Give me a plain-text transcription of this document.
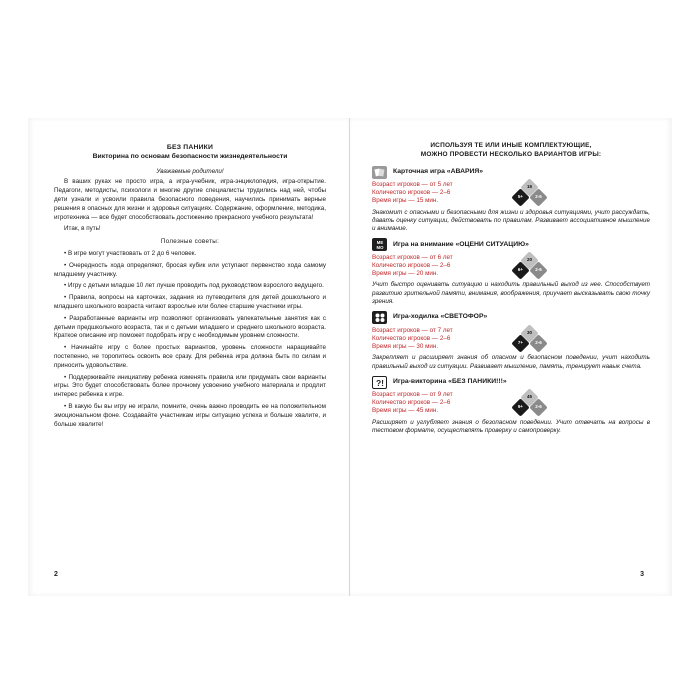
БЕЗ ПАНИКИ
Викторина по основам безопасности жизнедеятельности
Уважаемые родители!

В ваших руках не просто игра, а игра-учебник, игра-энциклопедия, игра-открытие. Педагоги, методисты, психологи и многие другие специалисты трудились над ней, чтобы дети узнали и усвоили правила безопасного поведения, научились принимать верные решения в опасных для жизни и здоровья ситуациях. Содержание, оформление, методика, игротехника — все будет способствовать достижению прекрасного учебного результата!

Итак, в путь!

Полезные советы:

• В игре могут участвовать от 2 до 6 человек.

• Очередность хода определяют, бросая кубик или уступают первенство хода самому младшему участнику.

• Игру с детьми младше 10 лет лучше проводить под руководством взрослого ведущего.

• Правила, вопросы на карточках, задания из путеводителя для детей дошкольного и младшего школьного возраста читают взрослые или более старшие участники игры.

• Разработанные варианты игр позволяют организовать увлекательные занятия как с детьми предшкольного возраста, так и с детьми младшего и среднего школьного возраста. Краткое описание игр поможет подобрать игру с необходимым уровнем сложности.

• Начинайте игру с более простых вариантов, уровень сложности наращивайте постепенно, не торопитесь освоить все сразу. Для ребенка игра должна быть по силам и приносить удовольствие.

• Поддерживайте инициативу ребенка изменять правила или придумать свои варианты игры. Это будет способствовать более прочному усвоению учебного материала и продлит интерес ребенка к игре.

• В какую бы вы игру не играли, помните, очень важно проводить ее на положительном эмоциональном фоне. Создавайте участникам игры ситуацию успеха и больше хвалите, и больше хвалите!

2
ИСПОЛЬЗУЯ ТЕ ИЛИ ИНЫЕ КОМПЛЕКТУЮЩИЕ,
МОЖНО ПРОВЕСТИ НЕСКОЛЬКО ВАРИАНТОВ ИГРЫ:
Карточная игра «АВАРИЯ»
Возраст игроков — от 5 лет
Количество игроков — 2–6
Время игры — 15 мин.
15
5+	2-6
Знакомит с опасными и безопасными для жизни и здоровья ситуациями, учит рассуждать, давать оценку ситуации, действовать по правилам. Развивает ассоциативное мышление и внимание.
ME
MO
Игра на внимание «ОЦЕНИ СИТУАЦИЮ»
Возраст игроков — от 6 лет
Количество игроков — 2–6
Время игры — 20 мин.
20
6+	2-6
Учит быстро оценивать ситуацию и находить правильный выход из нее. Способствует развитию зрительной памяти, внимания, воображения, приучает высказывать свою точку зрения.
Игра-ходилка «СВЕТОФОР»
Возраст игроков — от 7 лет
Количество игроков — 2–6
Время игры — 30 мин.
30
7+	2-6
Закрепляет и расширяет знания об опасном и безопасном поведении, учит находить правильный выход из ситуации. Развивает мышление, память, тренирует навык счета.
?! Игра-викторина «БЕЗ ПАНИКИ!!!»
Возраст игроков — от 9 лет
Количество игроков — 2–6
Время игры — 45 мин.
45
9+	2-6
Расширяет и углубляет знания о безопасном поведении. Учит отвечать на вопросы в тестовом формате, осуществлять проверку и самопроверку.
3
